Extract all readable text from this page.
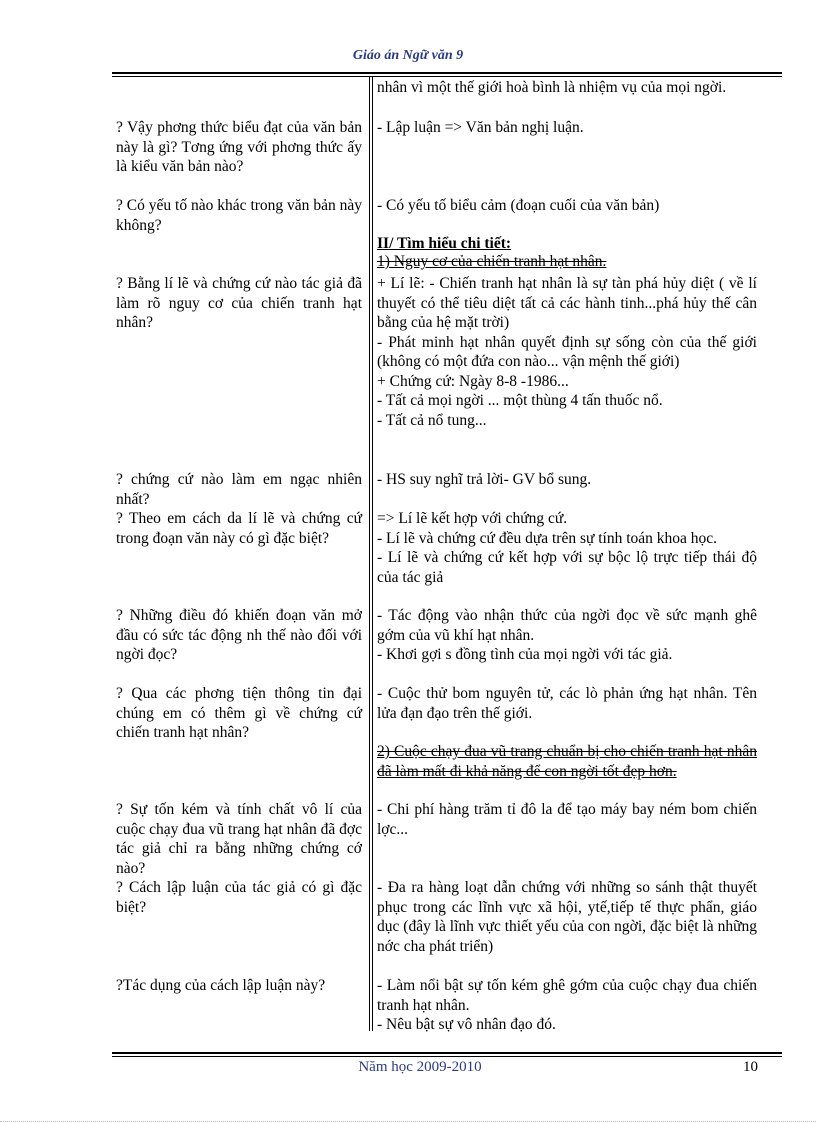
Giáo án Ngữ văn 9

nhân vì một thế giới hoà bình là nhiệm vụ của mọi ngời.

? Vậy phơng thức biểu đạt của văn bản này là gì? Tơng ứng với phơng thức ấy là kiểu văn bản nào?

- Lập luận => Văn bản nghị luận.

? Có yếu tố nào khác trong văn bản này không?

- Có yếu tố biểu cảm (đoạn cuối của văn bản)

II/ Tìm hiểu chi tiết:

1) Nguy cơ của chiến tranh hạt nhân.

? Bằng lí lẽ và chứng cứ nào tác giả đã làm rõ nguy cơ của chiến tranh hạt nhân?

+ Lí lẽ: - Chiến tranh hạt nhân là sự tàn phá hủy diệt ( về lí thuyết có thể tiêu diệt tất cả các hành tinh...phá hủy thế cân bằng của hệ mặt trời)
- Phát minh hạt nhân quyết định sự sống còn của thế giới (không có một đứa con nào... vận mệnh thế giới)
+ Chứng cứ: Ngày 8-8 -1986...
- Tất cả mọi ngời ... một thùng 4 tấn thuốc nổ.
- Tất cả nổ tung...

? chứng cứ nào làm em ngạc nhiên nhất?

- HS suy nghĩ trả lời- GV bổ sung.

? Theo em cách da lí lẽ và chứng cứ trong đoạn văn này có gì đặc biệt?

=> Lí lẽ kết hợp với chứng cứ.
- Lí lẽ và chứng cứ đều dựa trên sự tính toán khoa học.
- Lí lẽ và chứng cứ kết hợp với sự bộc lộ trực tiếp thái độ của tác giả

? Những điều đó khiến đoạn văn mở đầu có sức tác động nh thế nào đối với ngời đọc?

- Tác động vào nhận thức của ngời đọc về sức mạnh ghê gớm của vũ khí hạt nhân.
- Khơi gợi s đồng tình của mọi ngời với tác giả.

? Qua các phơng tiện thông tin đại chúng em có thêm gì về chứng cứ chiến tranh hạt nhân?

- Cuộc thử bom nguyên tử, các lò phản ứng hạt nhân. Tên lửa đạn đạo trên thế giới.

2) Cuộc chạy đua vũ trang chuẩn bị cho chiến tranh hạt nhân đã làm mất đi khả năng để con ngời tốt đẹp hơn.

? Sự tốn kém và tính chất vô lí của cuộc chạy đua vũ trang hạt nhân đã đợc tác giả chỉ ra bằng những chứng cớ nào?

- Chi phí hàng trăm tỉ đô la để tạo máy bay ném bom chiến lợc...

? Cách lập luận của tác giả có gì đặc biệt?

- Đa ra hàng loạt dẫn chứng với những so sánh thật thuyết phục trong các lĩnh vực xã hội, ytế,tiếp tế thực phẩn, giáo dục (đây là lĩnh vực thiết yếu của con ngời, đặc biệt là những nớc cha phát triển)

?Tác dụng của cách lập luận này?	- Làm nổi bật sự tốn kém ghê gớm của cuộc chạy đua chiến tranh hạt nhân.
- Nêu bật sự vô nhân đạo đó.

Năm học 2009-2010	10
